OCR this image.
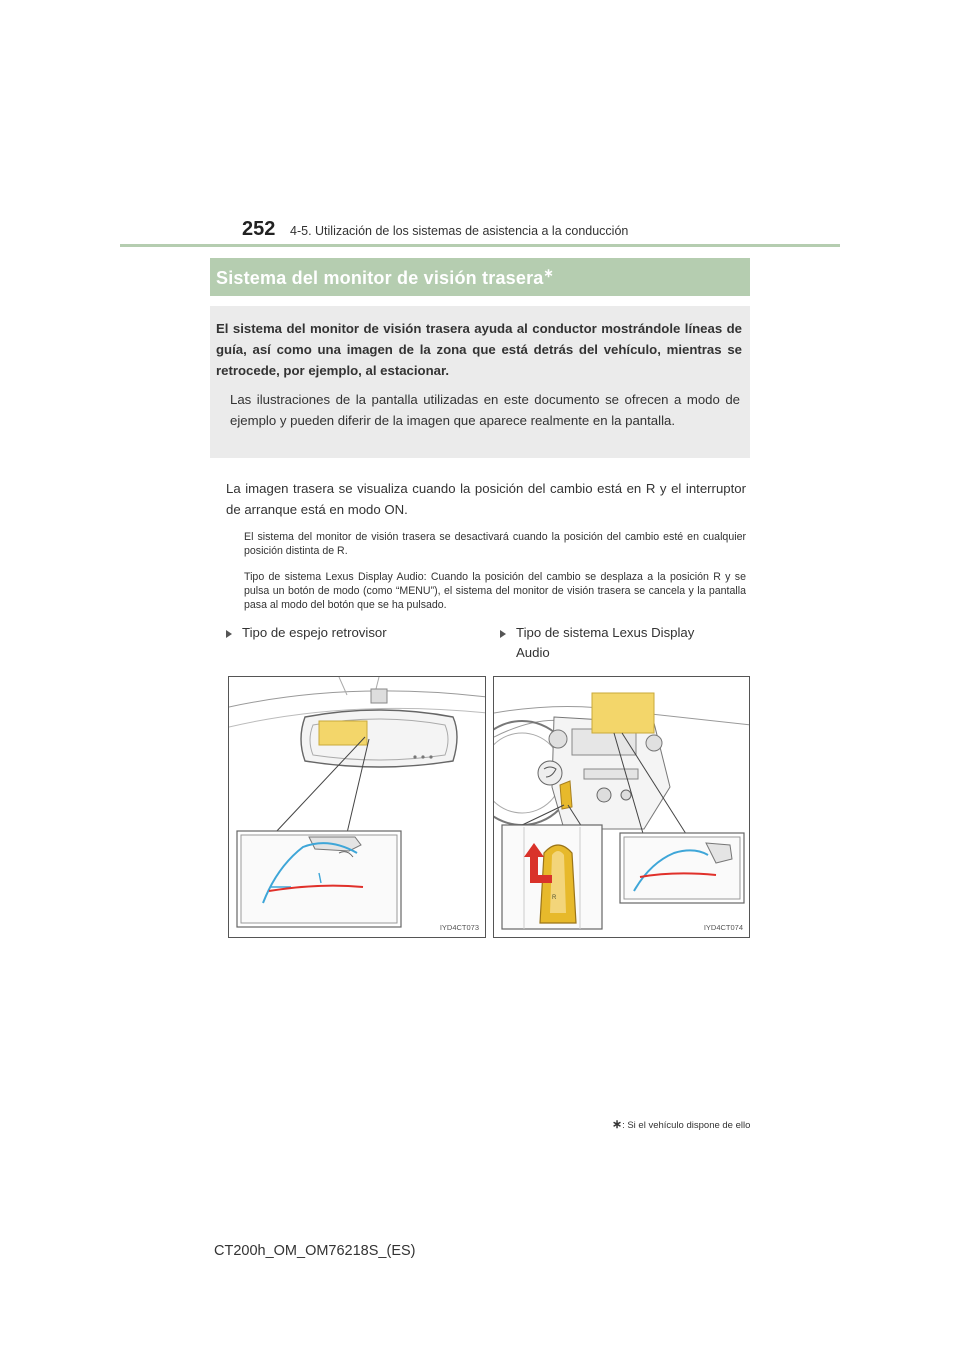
252 4-5. Utilización de los sistemas de asistencia a la conducción
Sistema del monitor de visión trasera∗

El sistema del monitor de visión trasera ayuda al conductor mostrándole líneas de guía, así como una imagen de la zona que está detrás del vehículo, mientras se retrocede, por ejemplo, al estacionar.

Las ilustraciones de la pantalla utilizadas en este documento se ofrecen a modo de ejemplo y pueden diferir de la imagen que aparece realmente en la pantalla.

La imagen trasera se visualiza cuando la posición del cambio está en R y el interruptor de arranque está en modo ON.

El sistema del monitor de visión trasera se desactivará cuando la posición del cambio esté en cualquier posición distinta de R.

Tipo de sistema Lexus Display Audio: Cuando la posición del cambio se desplaza a la posición R y se pulsa un botón de modo (como “MENU”), el sistema del monitor de visión trasera se cancela y la pantalla pasa al modo del botón que se ha pulsado.

Tipo de espejo retrovisor	Tipo de sistema Lexus Display
Audio
IYD4CT073
R
IYD4CT074
∗: Si el vehículo dispone de ello
CT200h_OM_OM76218S_(ES)
